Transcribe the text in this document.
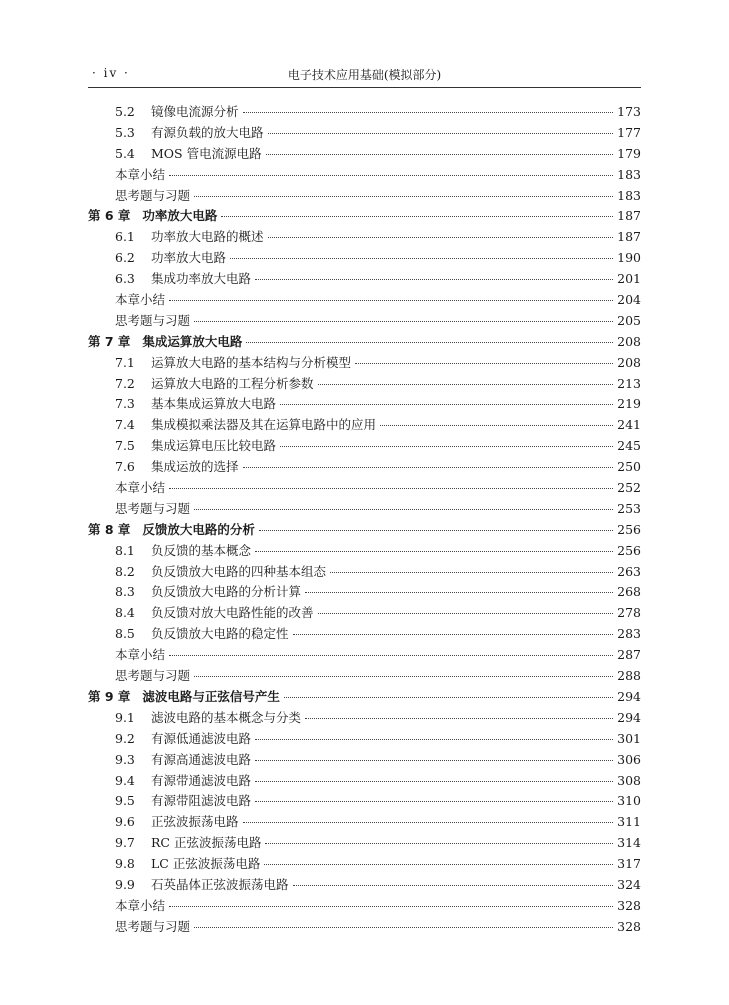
· iv ·	电子技术应用基础(模拟部分)
5.2	镜像电流源分析	173
5.3	有源负载的放大电路	177
5.4	MOS 管电流源电路	179
本章小结	183
思考题与习题	183
第 6 章 功率放大电路	187
6.1	功率放大电路的概述	187
6.2	功率放大电路	190
6.3	集成功率放大电路	201
本章小结	204
思考题与习题	205
第 7 章 集成运算放大电路	208
7.1	运算放大电路的基本结构与分析模型	208
7.2	运算放大电路的工程分析参数	213
7.3	基本集成运算放大电路	219
7.4	集成模拟乘法器及其在运算电路中的应用	241
7.5	集成运算电压比较电路	245
7.6	集成运放的选择	250
本章小结	252
思考题与习题	253
第 8 章 反馈放大电路的分析	256
8.1	负反馈的基本概念	256
8.2	负反馈放大电路的四种基本组态	263
8.3	负反馈放大电路的分析计算	268
8.4	负反馈对放大电路性能的改善	278
8.5	负反馈放大电路的稳定性	283
本章小结	287
思考题与习题	288
第 9 章 滤波电路与正弦信号产生	294
9.1	滤波电路的基本概念与分类	294
9.2	有源低通滤波电路	301
9.3	有源高通滤波电路	306
9.4	有源带通滤波电路	308
9.5	有源带阻滤波电路	310
9.6	正弦波振荡电路	311
9.7	RC 正弦波振荡电路	314
9.8	LC 正弦波振荡电路	317
9.9	石英晶体正弦波振荡电路	324
本章小结	328
思考题与习题	328
